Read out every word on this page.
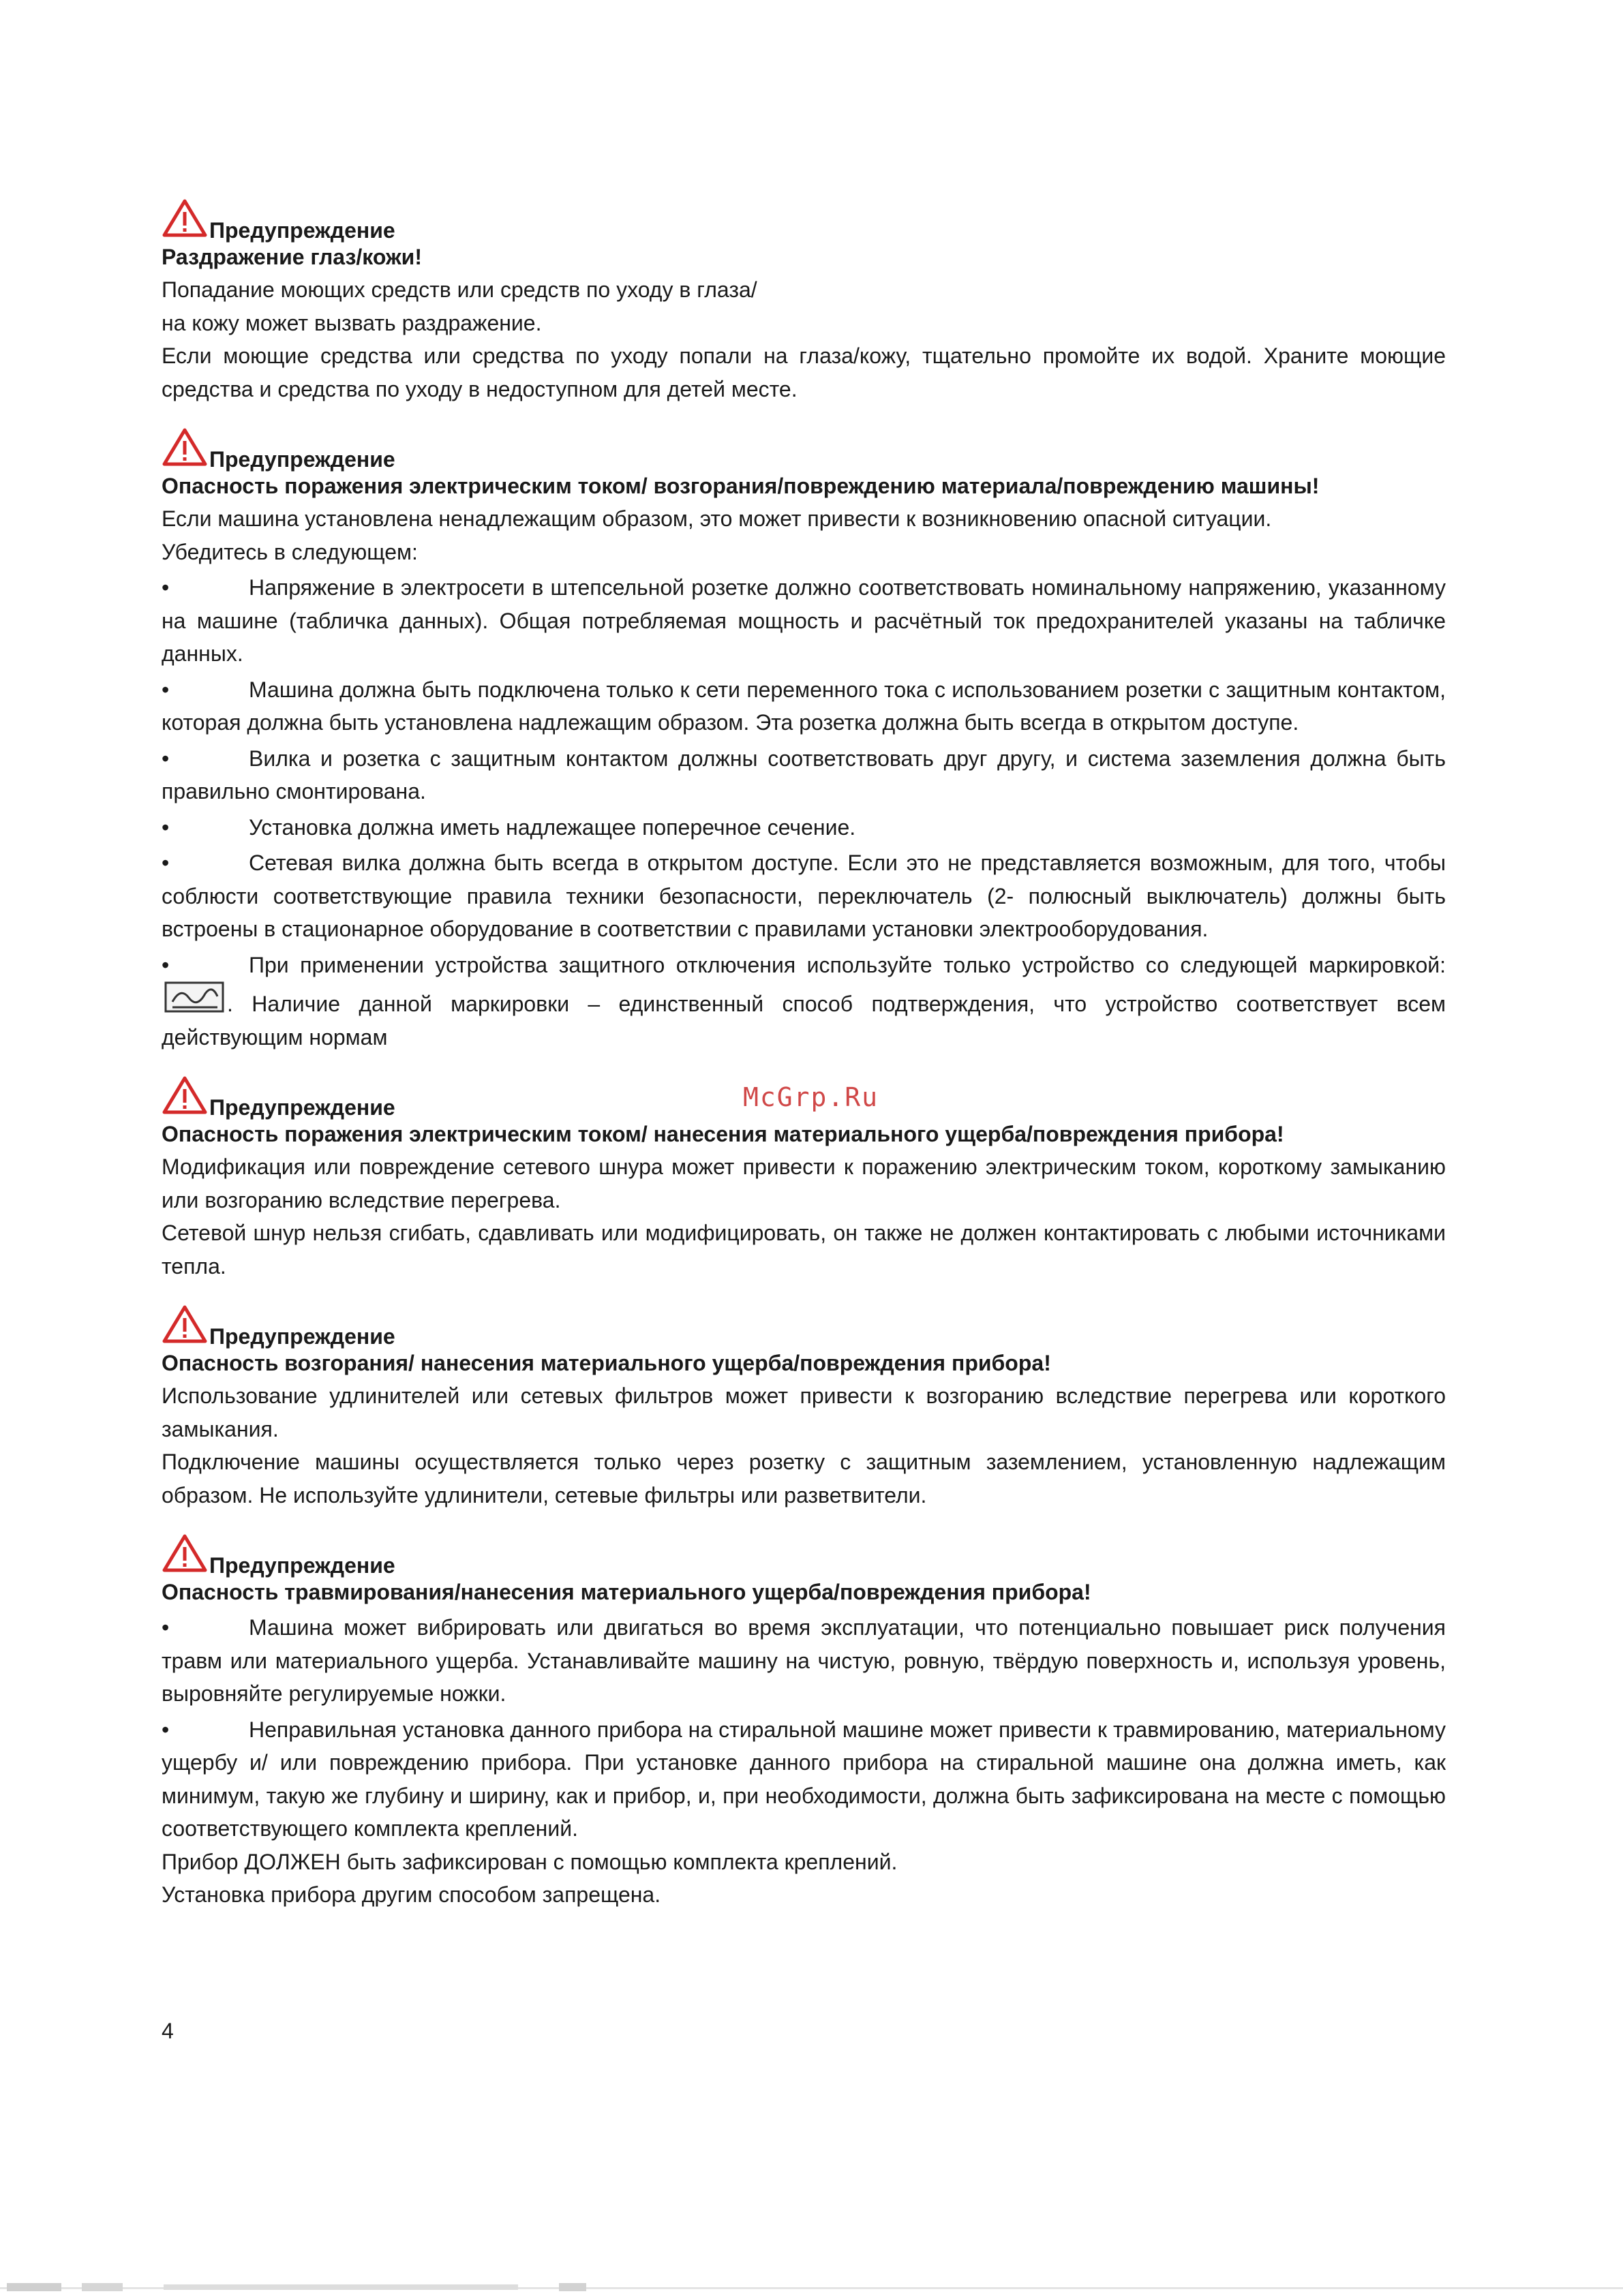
Предупреждение
Раздражение глаз/кожи!

Попадание моющих средств или средств по уходу в глаза/

на кожу может вызвать раздражение.

Если моющие средства или средства по уходу попали на глаза/кожу, тщательно промойте их водой. Храните моющие средства и средства по уходу в недоступном для детей месте.

Предупреждение
Опасность поражения электрическим током/ возгорания/повреждению материала/повреждению машины!

Если машина установлена ненадлежащим образом, это может привести к возникновению опасной ситуации.

Убедитесь в следующем:

•	Напряжение в электросети в штепсельной розетке должно соответствовать номинальному напряжению, указанному на машине (табличка данных). Общая потребляемая мощность и расчётный ток предохранителей указаны на табличке данных.

•	Машина должна быть подключена только к сети переменного тока с использованием розетки с защитным контактом, которая должна быть установлена надлежащим образом. Эта розетка должна быть всегда в открытом доступе.

•	Вилка и розетка с защитным контактом должны соответствовать друг другу, и система заземления должна быть правильно смонтирована.

•	Установка должна иметь надлежащее поперечное сечение.

•	Сетевая вилка должна быть всегда в открытом доступе. Если это не представляется возможным, для того, чтобы соблюсти соответствующие правила техники безопасности, переключатель (2- полюсный выключатель) должны быть встроены в стационарное оборудование в соответствии с правилами установки электрооборудования.

•	При применении устройства защитного отключения используйте только устройство со следующей маркировкой: . Наличие данной маркировки – единственный способ подтверждения, что устройство соответствует всем действующим нормам

Предупреждение
Опасность поражения электрическим током/ нанесения материального ущерба/повреждения прибора!

Модификация или повреждение сетевого шнура может привести к поражению электрическим током, короткому замыканию или возгоранию вследствие перегрева.

Сетевой шнур нельзя сгибать, сдавливать или модифицировать, он также не должен контактировать с любыми источниками тепла.

Предупреждение
Опасность возгорания/ нанесения материального ущерба/повреждения прибора!

Использование удлинителей или сетевых фильтров может привести к возгоранию вследствие перегрева или короткого замыкания.

Подключение машины осуществляется только через розетку с защитным заземлением, установленную надлежащим образом. Не используйте удлинители, сетевые фильтры или разветвители.

Предупреждение
Опасность травмирования/нанесения материального ущерба/повреждения прибора!

•	Машина может вибрировать или двигаться во время эксплуатации, что потенциально повышает риск получения травм или материального ущерба. Устанавливайте машину на чистую, ровную, твёрдую поверхность и, используя уровень, выровняйте регулируемые ножки.

•	Неправильная установка данного прибора на стиральной машине может привести к травмированию, материальному ущербу и/ или повреждению прибора. При установке данного прибора на стиральной машине она должна иметь, как минимум, такую же глубину и ширину, как и прибор, и, при необходимости, должна быть зафиксирована на месте с помощью соответствующего комплекта креплений.

Прибор ДОЛЖЕН быть зафиксирован с помощью комплекта креплений.

Установка прибора другим способом запрещена.

McGrp.Ru
4
